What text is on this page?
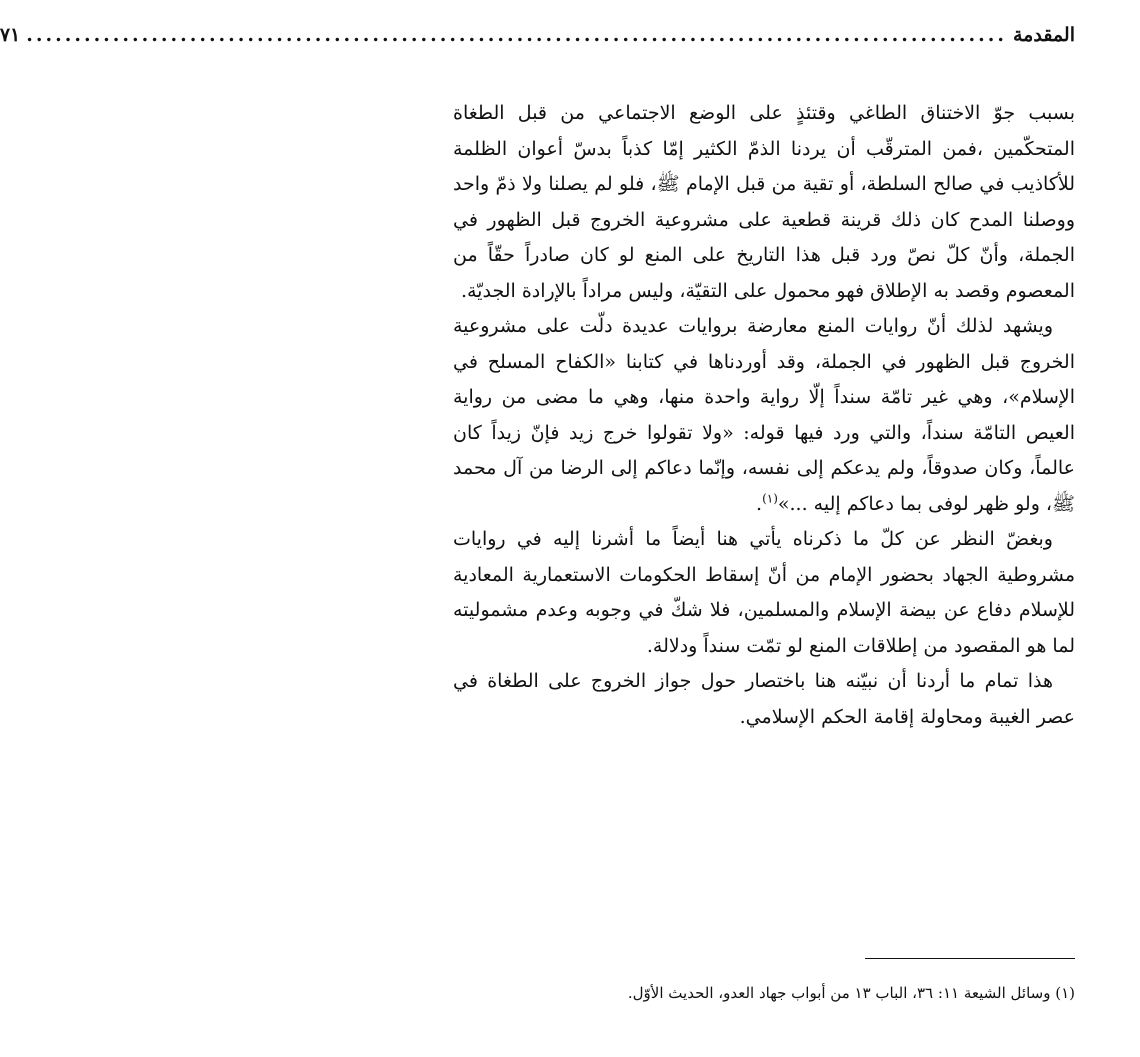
المقدمة
......................................................................................................
٧١

بسبب جوّ الاختناق الطاغي وقتئذٍ على الوضع الاجتماعي من قبل الطغاة المتحكّمين ،فمن المترقّب أن يردنا الذمّ الكثير إمّا كذباً بدسّ أعوان الظلمة للأكاذيب في صالح السلطة، أو تقية من قبل الإمام ﷺ، فلو لم يصلنا ولا ذمّ واحد ووصلنا المدح كان ذلك قرينة قطعية على مشروعية الخروج قبل الظهور في الجملة، وأنّ كلّ نصّ ورد قبل هذا التاريخ على المنع لو كان صادراً حقّاً من المعصوم وقصد به الإطلاق فهو محمول على التقيّة، وليس مراداً بالإرادة الجديّة.

ويشهد لذلك أنّ روايات المنع معارضة بروايات عديدة دلّت على مشروعية الخروج قبل الظهور في الجملة، وقد أوردناها في كتابنا «الكفاح المسلح في الإسلام»، وهي غير تامّة سنداً إلّا رواية واحدة منها، وهي ما مضى من رواية العيص التامّة سنداً، والتي ورد فيها قوله: «ولا تقولوا خرج زيد فإنّ زيداً كان عالماً، وكان صدوقاً، ولم يدعكم إلى نفسه، وإنّما دعاكم إلى الرضا من آل محمد ﷺ، ولو ظهر لوفى بما دعاكم إليه ...»$^{(١)}$.

وبغضّ النظر عن كلّ ما ذكرناه يأتي هنا أيضاً ما أشرنا إليه في روايات مشروطية الجهاد بحضور الإمام من أنّ إسقاط الحكومات الاستعمارية المعادية للإسلام دفاع عن بيضة الإسلام والمسلمين، فلا شكّ في وجوبه وعدم مشموليته لما هو المقصود من إطلاقات المنع لو تمّت سنداً ودلالة.

هذا تمام ما أردنا أن نبيّنه هنا باختصار حول جواز الخروج على الطغاة في عصر الغيبة ومحاولة إقامة الحكم الإسلامي.

(١) وسائل الشيعة ١١: ٣٦، الباب ١٣ من أبواب جهاد العدو، الحديث الأوّل.
